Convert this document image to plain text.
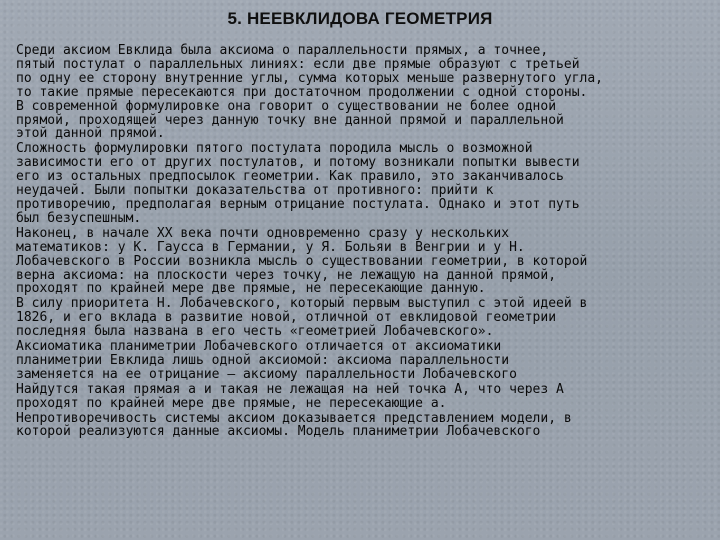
5. НЕЕВКЛИДОВА ГЕОМЕТРИЯ

Среди аксиом Евклида была аксиома о параллельности прямых, а точнее,
пятый постулат о параллельных линиях: если две прямые образуют с третьей
по одну ее сторону внутренние углы, сумма которых меньше развернутого угла,
то такие прямые пересекаются при достаточном продолжении с одной стороны.
В современной формулировке она говорит о существовании не более одной
прямой, проходящей через данную точку вне данной прямой и параллельной
этой данной прямой.

Сложность формулировки пятого постулата породила мысль о возможной
зависимости его от других постулатов, и потому возникали попытки вывести
его из остальных предпосылок геометрии. Как правило, это заканчивалось
неудачей. Были попытки доказательства от противного: прийти к
противоречию, предполагая верным отрицание постулата. Однако и этот путь
был безуспешным.

Наконец, в начале XX века почти одновременно сразу у нескольких
математиков: у К. Гаусса в Германии, у Я. Больяи в Венгрии и у Н.
Лобачевского в России возникла мысль о существовании геометрии, в которой
верна аксиома: на плоскости через точку, не лежащую на данной прямой,
проходят по крайней мере две прямые, не пересекающие данную.

В силу приоритета Н. Лобачевского, который первым выступил с этой идеей в
1826, и его вклада в развитие новой, отличной от евклидовой геометрии
последняя была названа в его честь «геометрией Лобачевского».

Аксиоматика планиметрии Лобачевского отличается от аксиоматики
планиметрии Евклида лишь одной аксиомой: аксиома параллельности
заменяется на ее отрицание – аксиому параллельности Лобачевского

Найдутся такая прямая a и такая не лежащая на ней точка A, что через A
проходят по крайней мере две прямые, не пересекающие a.

Непротиворечивость системы аксиом доказывается представлением модели, в
которой реализуются данные аксиомы. Модель планиметрии Лобачевского
